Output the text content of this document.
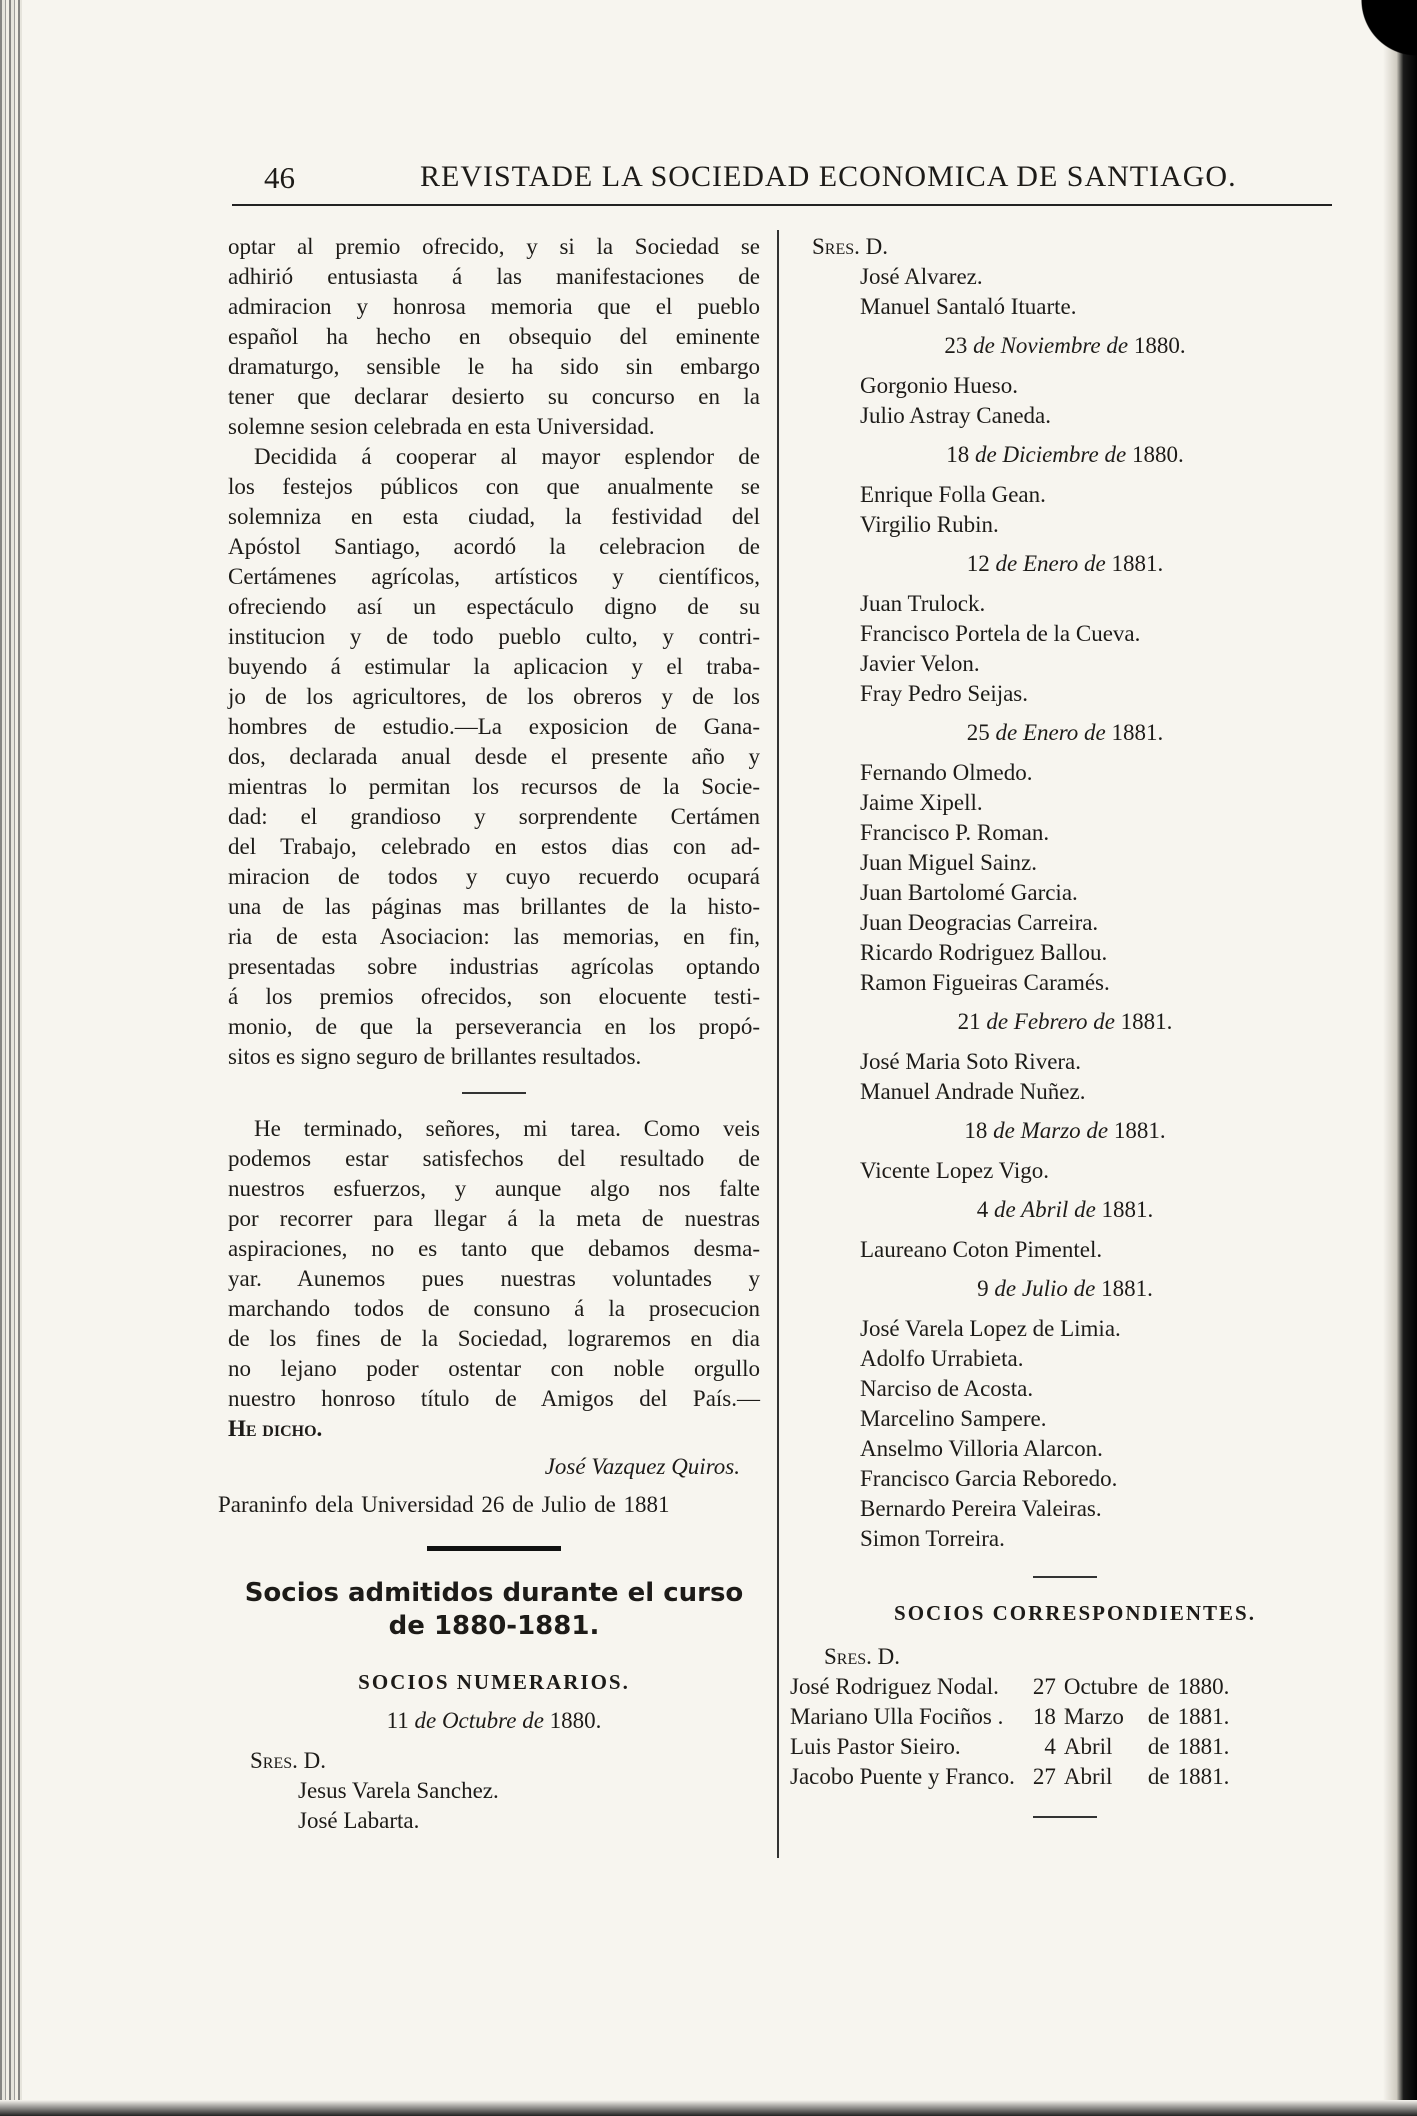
46	REVISTADE LA SOCIEDAD ECONOMICA DE SANTIAGO.

optar al premio ofrecido, y si la Sociedad se

adhirió entusiasta á las manifestaciones de

admiracion y honrosa memoria que el pueblo

español ha hecho en obsequio del eminente

dramaturgo, sensible le ha sido sin embargo

tener que declarar desierto su concurso en la

solemne sesion celebrada en esta Universidad.

Decidida á cooperar al mayor esplendor de

los festejos públicos con que anualmente se

solemniza en esta ciudad, la festividad del

Apóstol Santiago, acordó la celebracion de

Certámenes agrícolas, artísticos y científicos,

ofreciendo así un espectáculo digno de su

institucion y de todo pueblo culto, y contri-

buyendo á estimular la aplicacion y el traba-

jo de los agricultores, de los obreros y de los

hombres de estudio.—La exposicion de Gana-

dos, declarada anual desde el presente año y

mientras lo permitan los recursos de la Socie-

dad: el grandioso y sorprendente Certámen

del Trabajo, celebrado en estos dias con ad-

miracion de todos y cuyo recuerdo ocupará

una de las páginas mas brillantes de la histo-

ria de esta Asociacion: las memorias, en fin,

presentadas sobre industrias agrícolas optando

á los premios ofrecidos, son elocuente testi-

monio, de que la perseverancia en los propó-

sitos es signo seguro de brillantes resultados.

He terminado, señores, mi tarea. Como veis

podemos estar satisfechos del resultado de

nuestros esfuerzos, y aunque algo nos falte

por recorrer para llegar á la meta de nuestras

aspiraciones, no es tanto que debamos desma-

yar. Aunemos pues nuestras voluntades y

marchando todos de consuno á la prosecucion

de los fines de la Sociedad, lograremos en dia

no lejano poder ostentar con noble orgullo

nuestro honroso título de Amigos del País.—

He dicho.

José Vazquez Quiros.

Paraninfo dela Universidad 26 de Julio de 1881

Socios admitidos durante el curso
de 1880-1881.
SOCIOS NUMERARIOS.
11 de Octubre de 1880.
Sres. D.
Jesus Varela Sanchez.
José Labarta.
Sres. D.
José Alvarez.
Manuel Santaló Ituarte.
23 de Noviembre de 1880.
Gorgonio Hueso.
Julio Astray Caneda.
18 de Diciembre de 1880.
Enrique Folla Gean.
Virgilio Rubin.
12 de Enero de 1881.
Juan Trulock.
Francisco Portela de la Cueva.
Javier Velon.
Fray Pedro Seijas.
25 de Enero de 1881.
Fernando Olmedo.
Jaime Xipell.
Francisco P. Roman.
Juan Miguel Sainz.
Juan Bartolomé Garcia.
Juan Deogracias Carreira.
Ricardo Rodriguez Ballou.
Ramon Figueiras Caramés.
21 de Febrero de 1881.
José Maria Soto Rivera.
Manuel Andrade Nuñez.
18 de Marzo de 1881.
Vicente Lopez Vigo.
4 de Abril de 1881.
Laureano Coton Pimentel.
9 de Julio de 1881.
José Varela Lopez de Limia.
Adolfo Urrabieta.
Narciso de Acosta.
Marcelino Sampere.
Anselmo Villoria Alarcon.
Francisco Garcia Reboredo.
Bernardo Pereira Valeiras.
Simon Torreira.
SOCIOS CORRESPONDIENTES.
Sres. D.
José Rodriguez Nodal.	27	Octubre	de	1880.
Mariano Ulla Fociños .	18	Marzo	de	1881.
Luis Pastor Sieiro.	4	Abril	de	1881.
Jacobo Puente y Franco.	27	Abril	de	1881.
